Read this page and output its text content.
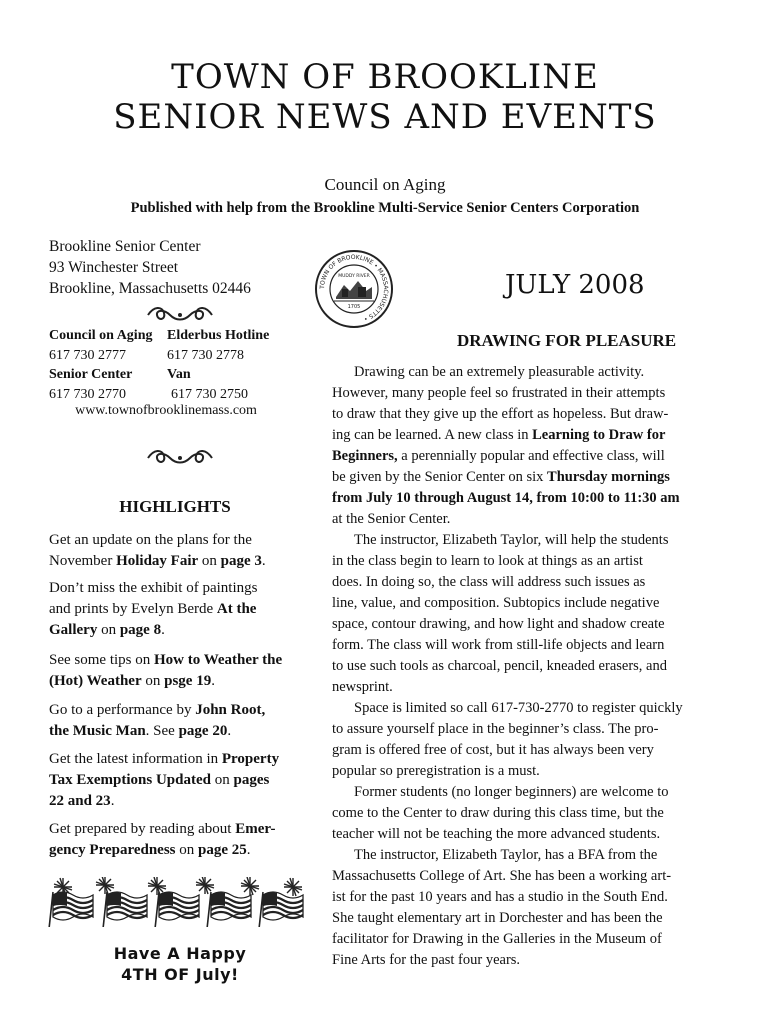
TOWN OF BROOKLINE
SENIOR NEWS AND EVENTS
Council on Aging
Published with help from the Brookline Multi-Service Senior Centers Corporation
Brookline Senior Center
93 Winchester Street
Brookline, Massachusetts 02446
Council on Aging Elderbus Hotline
617 730 2777	617 730 2778
Senior Center Van
617 730 2770	617 730 2750
www.townofbrooklinemass.com
HIGHLIGHTS
Get an update on the plans for the
November Holiday Fair on page 3.
Don’t miss the exhibit of paintings
and prints by Evelyn Berde At the
Gallery on page 8.
See some tips on How to Weather the
(Hot) Weather on psge 19.
Go to a performance by John Root,
the Music Man. See page 20.
Get the latest information in Property
Tax Exemptions Updated on pages
22 and 23.
Get prepared by reading about Emer-
gency Preparedness on page 25.
Have A Happy
4TH OF July!
TOWN OF BROOKLINE • MASSACHUSETTS •
MUDDY RIVER
1705
JULY 2008
DRAWING FOR PLEASURE
Drawing can be an extremely pleasurable activity.
However, many people feel so frustrated in their attempts
to draw that they give up the effort as hopeless. But draw-
ing can be learned. A new class in Learning to Draw for
Beginners, a perennially popular and effective class, will
be given by the Senior Center on six Thursday mornings
from July 10 through August 14, from 10:00 to 11:30 am
at the Senior Center.
The instructor, Elizabeth Taylor, will help the students
in the class begin to learn to look at things as an artist
does. In doing so, the class will address such issues as
line, value, and composition. Subtopics include negative
space, contour drawing, and how light and shadow create
form. The class will work from still-life objects and learn
to use such tools as charcoal, pencil, kneaded erasers, and
newsprint.
Space is limited so call 617-730-2770 to register quickly
to assure yourself place in the beginner’s class. The pro-
gram is offered free of cost, but it has always been very
popular so preregistration is a must.
Former students (no longer beginners) are welcome to
come to the Center to draw during this class time, but the
teacher will not be teaching the more advanced students.
The instructor, Elizabeth Taylor, has a BFA from the
Massachusetts College of Art. She has been a working art-
ist for the past 10 years and has a studio in the South End.
She taught elementary art in Dorchester and has been the
facilitator for Drawing in the Galleries in the Museum of
Fine Arts for the past four years.
